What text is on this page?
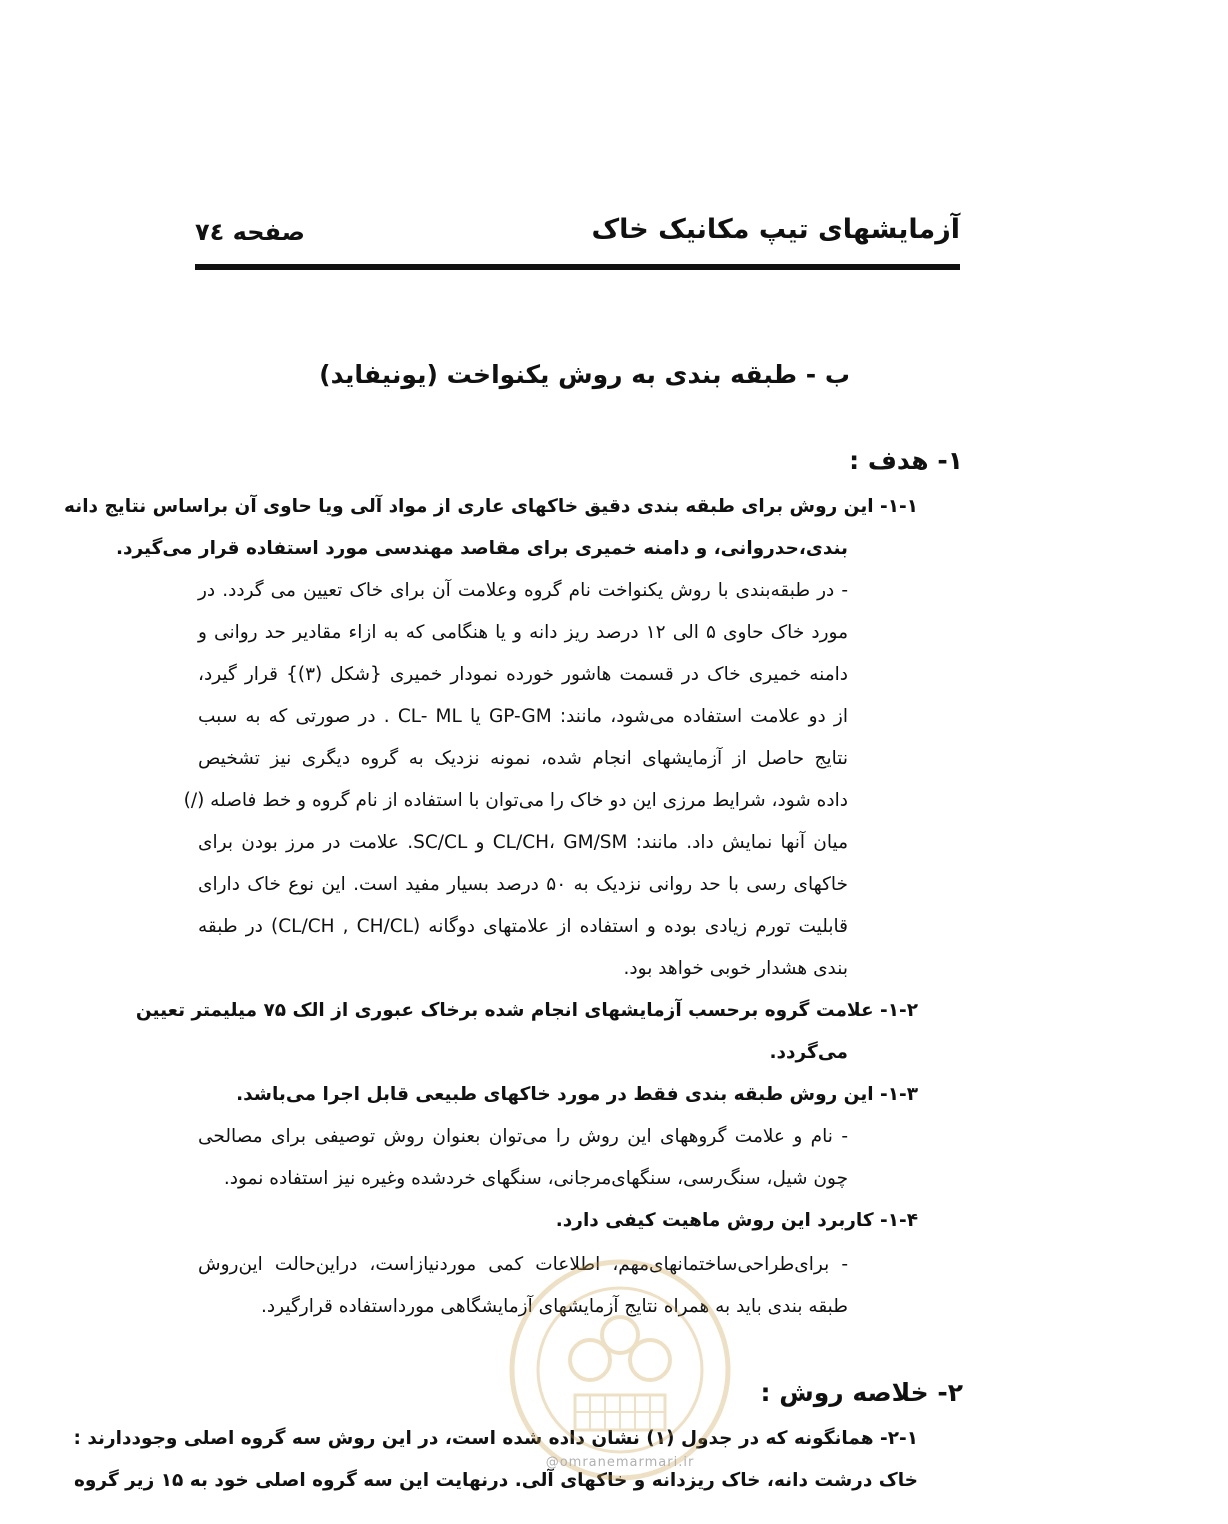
آزمایشهای تیپ مکانیک خاک
صفحه ۷٤
ب - طبقه بندی به روش یکنواخت (یونیفاید)
۱- هدف :
۱-۱- این روش برای طبقه بندی دقیق خاکهای عاری از مواد آلی ویا حاوی آن براساس نتایج دانه
بندی،حدروانی، و دامنه خمیری برای مقاصد مهندسی مورد استفاده قرار می‌گیرد.
- در طبقه‌بندی با روش یکنواخت نام گروه وعلامت آن برای خاک تعیین می گردد. در
مورد خاک حاوی ۵ الی ۱۲ درصد ریز دانه و یا هنگامی که به ازاء مقادیر حد روانی و
دامنه خمیری خاک در قسمت هاشور خورده نمودار خمیری {شکل (۳)} قرار گیرد،
از دو علامت استفاده می‌شود، مانند: GP-GM یا CL- ML . در صورتی که به سبب
نتایج حاصل از آزمایشهای انجام شده، نمونه نزدیک به گروه دیگری نیز تشخیص
داده شود، شرایط مرزی این دو خاک را می‌توان با استفاده از نام گروه و خط فاصله (/)
میان آنها نمایش داد. مانند: CL/CH، GM/SM و SC/CL. علامت در مرز بودن برای
خاکهای رسی با حد روانی نزدیک به ۵۰ درصد بسیار مفید است. این نوع خاک دارای
قابلیت تورم زیادی بوده و استفاده از علامتهای دوگانه (CL/CH , CH/CL) در طبقه
بندی هشدار خوبی خواهد بود.
۱-۲- علامت گروه برحسب آزمایشهای انجام شده برخاک عبوری از الک ۷۵ میلیمتر تعیین
می‌گردد.
۱-۳- این روش طبقه بندی فقط در مورد خاکهای طبیعی قابل اجرا می‌باشد.
- نام و علامت گروههای این روش را می‌توان بعنوان روش توصیفی برای مصالحی
چون شیل، سنگ‌رسی، سنگهای‌مرجانی، سنگهای خردشده وغیره نیز استفاده نمود.
۱-۴- کاربرد این روش ماهیت کیفی دارد.
- برای‌طراحی‌ساختمانهای‌مهم، اطلاعات کمی موردنیازاست، دراین‌حالت این‌روش
طبقه بندی باید به همراه نتایج آزمایشهای آزمایشگاهی مورداستفاده قرارگیرد.
۲- خلاصه روش :
۲-۱- همانگونه که در جدول (۱) نشان داده شده است، در این روش سه گروه اصلی وجوددارند :
خاک درشت دانه، خاک ریزدانه و خاکهای آلی. درنهایت این سه گروه اصلی خود به ۱۵ زیر گروه
@omranemarmari.ir
